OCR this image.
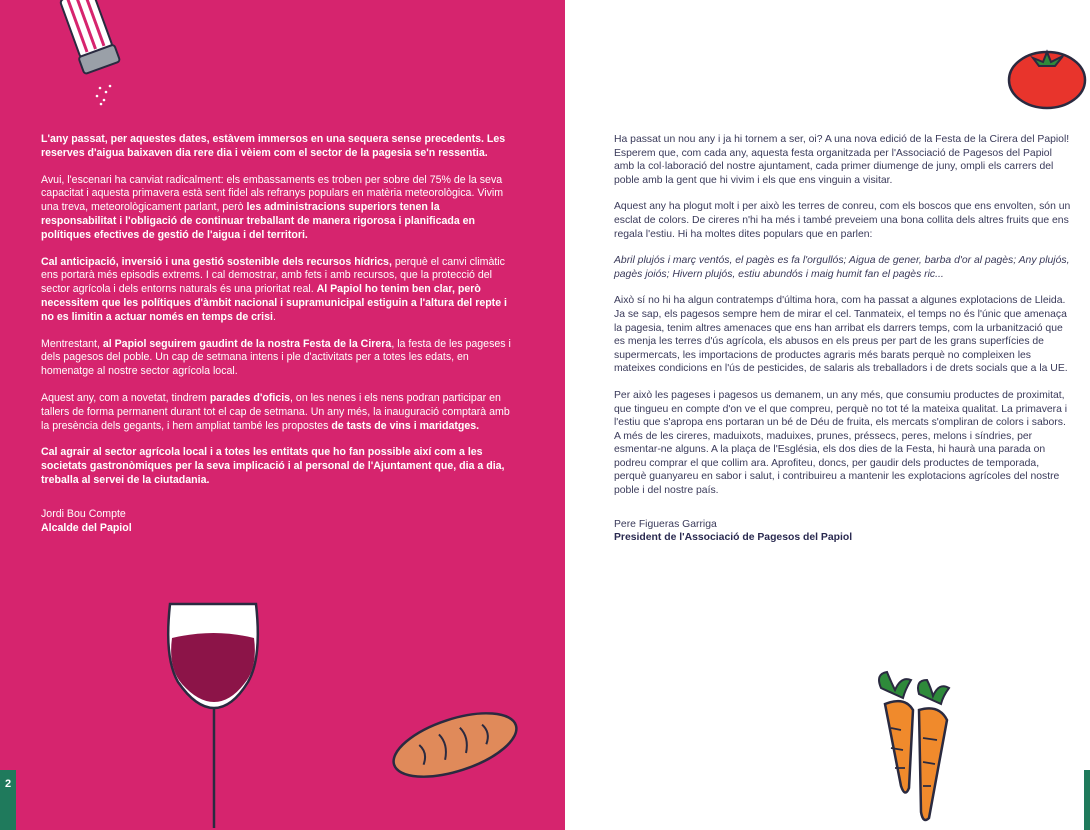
L'any passat, per aquestes dates, estàvem immersos en una sequera sense precedents. Les reserves d'aigua baixaven dia rere dia i vèiem com el sector de la pagesia se'n ressentia.

Avui, l'escenari ha canviat radicalment: els embassaments es troben per sobre del 75% de la seva capacitat i aquesta primavera està sent fidel als refranys populars en matèria meteorològica. Vivim una treva, meteorològicament parlant, però les administracions superiors tenen la responsabilitat i l'obligació de continuar treballant de manera rigorosa i planificada en polítiques efectives de gestió de l'aigua i del territori.

Cal anticipació, inversió i una gestió sostenible dels recursos hídrics, perquè el canvi climàtic ens portarà més episodis extrems. I cal demostrar, amb fets i amb recursos, que la protecció del sector agrícola i dels entorns naturals és una prioritat real. Al Papiol ho tenim ben clar, però necessitem que les polítiques d'àmbit nacional i supramunicipal estiguin a l'altura del repte i no es limitin a actuar només en temps de crisi.

Mentrestant, al Papiol seguirem gaudint de la nostra Festa de la Cirera, la festa de les pageses i dels pagesos del poble. Un cap de setmana intens i ple d'activitats per a totes les edats, en homenatge al nostre sector agrícola local.

Aquest any, com a novetat, tindrem parades d'oficis, on les nenes i els nens podran participar en tallers de forma permanent durant tot el cap de setmana. Un any més, la inauguració comptarà amb la presència dels gegants, i hem ampliat també les propostes de tasts de vins i maridatges.

Cal agrair al sector agrícola local i a totes les entitats que ho fan possible així com a les societats gastronòmiques per la seva implicació i al personal de l'Ajuntament que, dia a dia, treballa al servei de la ciutadania.

Jordi Bou Compte
Alcalde del Papiol

2

Ha passat un nou any i ja hi tornem a ser, oi? A una nova edició de la Festa de la Cirera del Papiol! Esperem que, com cada any, aquesta festa organitzada per l'Associació de Pagesos del Papiol amb la col·laboració del nostre ajuntament, cada primer diumenge de juny, ompli els carrers del poble amb la gent que hi vivim i els que ens vinguin a visitar.

Aquest any ha plogut molt i per això les terres de conreu, com els boscos que ens envolten, són un esclat de colors. De cireres n'hi ha més i també preveiem una bona collita dels altres fruits que ens regala l'estiu. Hi ha moltes dites populars que en parlen:

Abril plujós i març ventós, el pagès es fa l'orgullós; Aigua de gener, barba d'or al pagès; Any plujós, pagès joiós; Hivern plujós, estiu abundós i maig humit fan el pagès ric...

Això sí no hi ha algun contratemps d'última hora, com ha passat a algunes explotacions de Lleida. Ja se sap, els pagesos sempre hem de mirar el cel. Tanmateix, el temps no és l'únic que amenaça la pagesia, tenim altres amenaces que ens han arribat els darrers temps, com la urbanització que es menja les terres d'ús agrícola, els abusos en els preus per part de les grans superfícies de supermercats, les importacions de productes agraris més barats perquè no compleixen les mateixes condicions en l'ús de pesticides, de salaris als treballadors i de drets socials que a la UE.

Per això les pageses i pagesos us demanem, un any més, que consumiu productes de proximitat, que tingueu en compte d'on ve el que compreu, perquè no tot té la mateixa qualitat. La primavera i l'estiu que s'apropa ens portaran un bé de Déu de fruita, els mercats s'ompliran de colors i sabors. A més de les cireres, maduixots, maduixes, prunes, préssecs, peres, melons i síndries, per esmentar-ne alguns. A la plaça de l'Església, els dos dies de la Festa, hi haurà una parada on podreu comprar el que collim ara. Aprofiteu, doncs, per gaudir dels productes de temporada, perquè guanyareu en sabor i salut, i contribuireu a mantenir les explotacions agrícoles del nostre poble i del nostre país.

Pere Figueras Garriga
President de l'Associació de Pagesos del Papiol
